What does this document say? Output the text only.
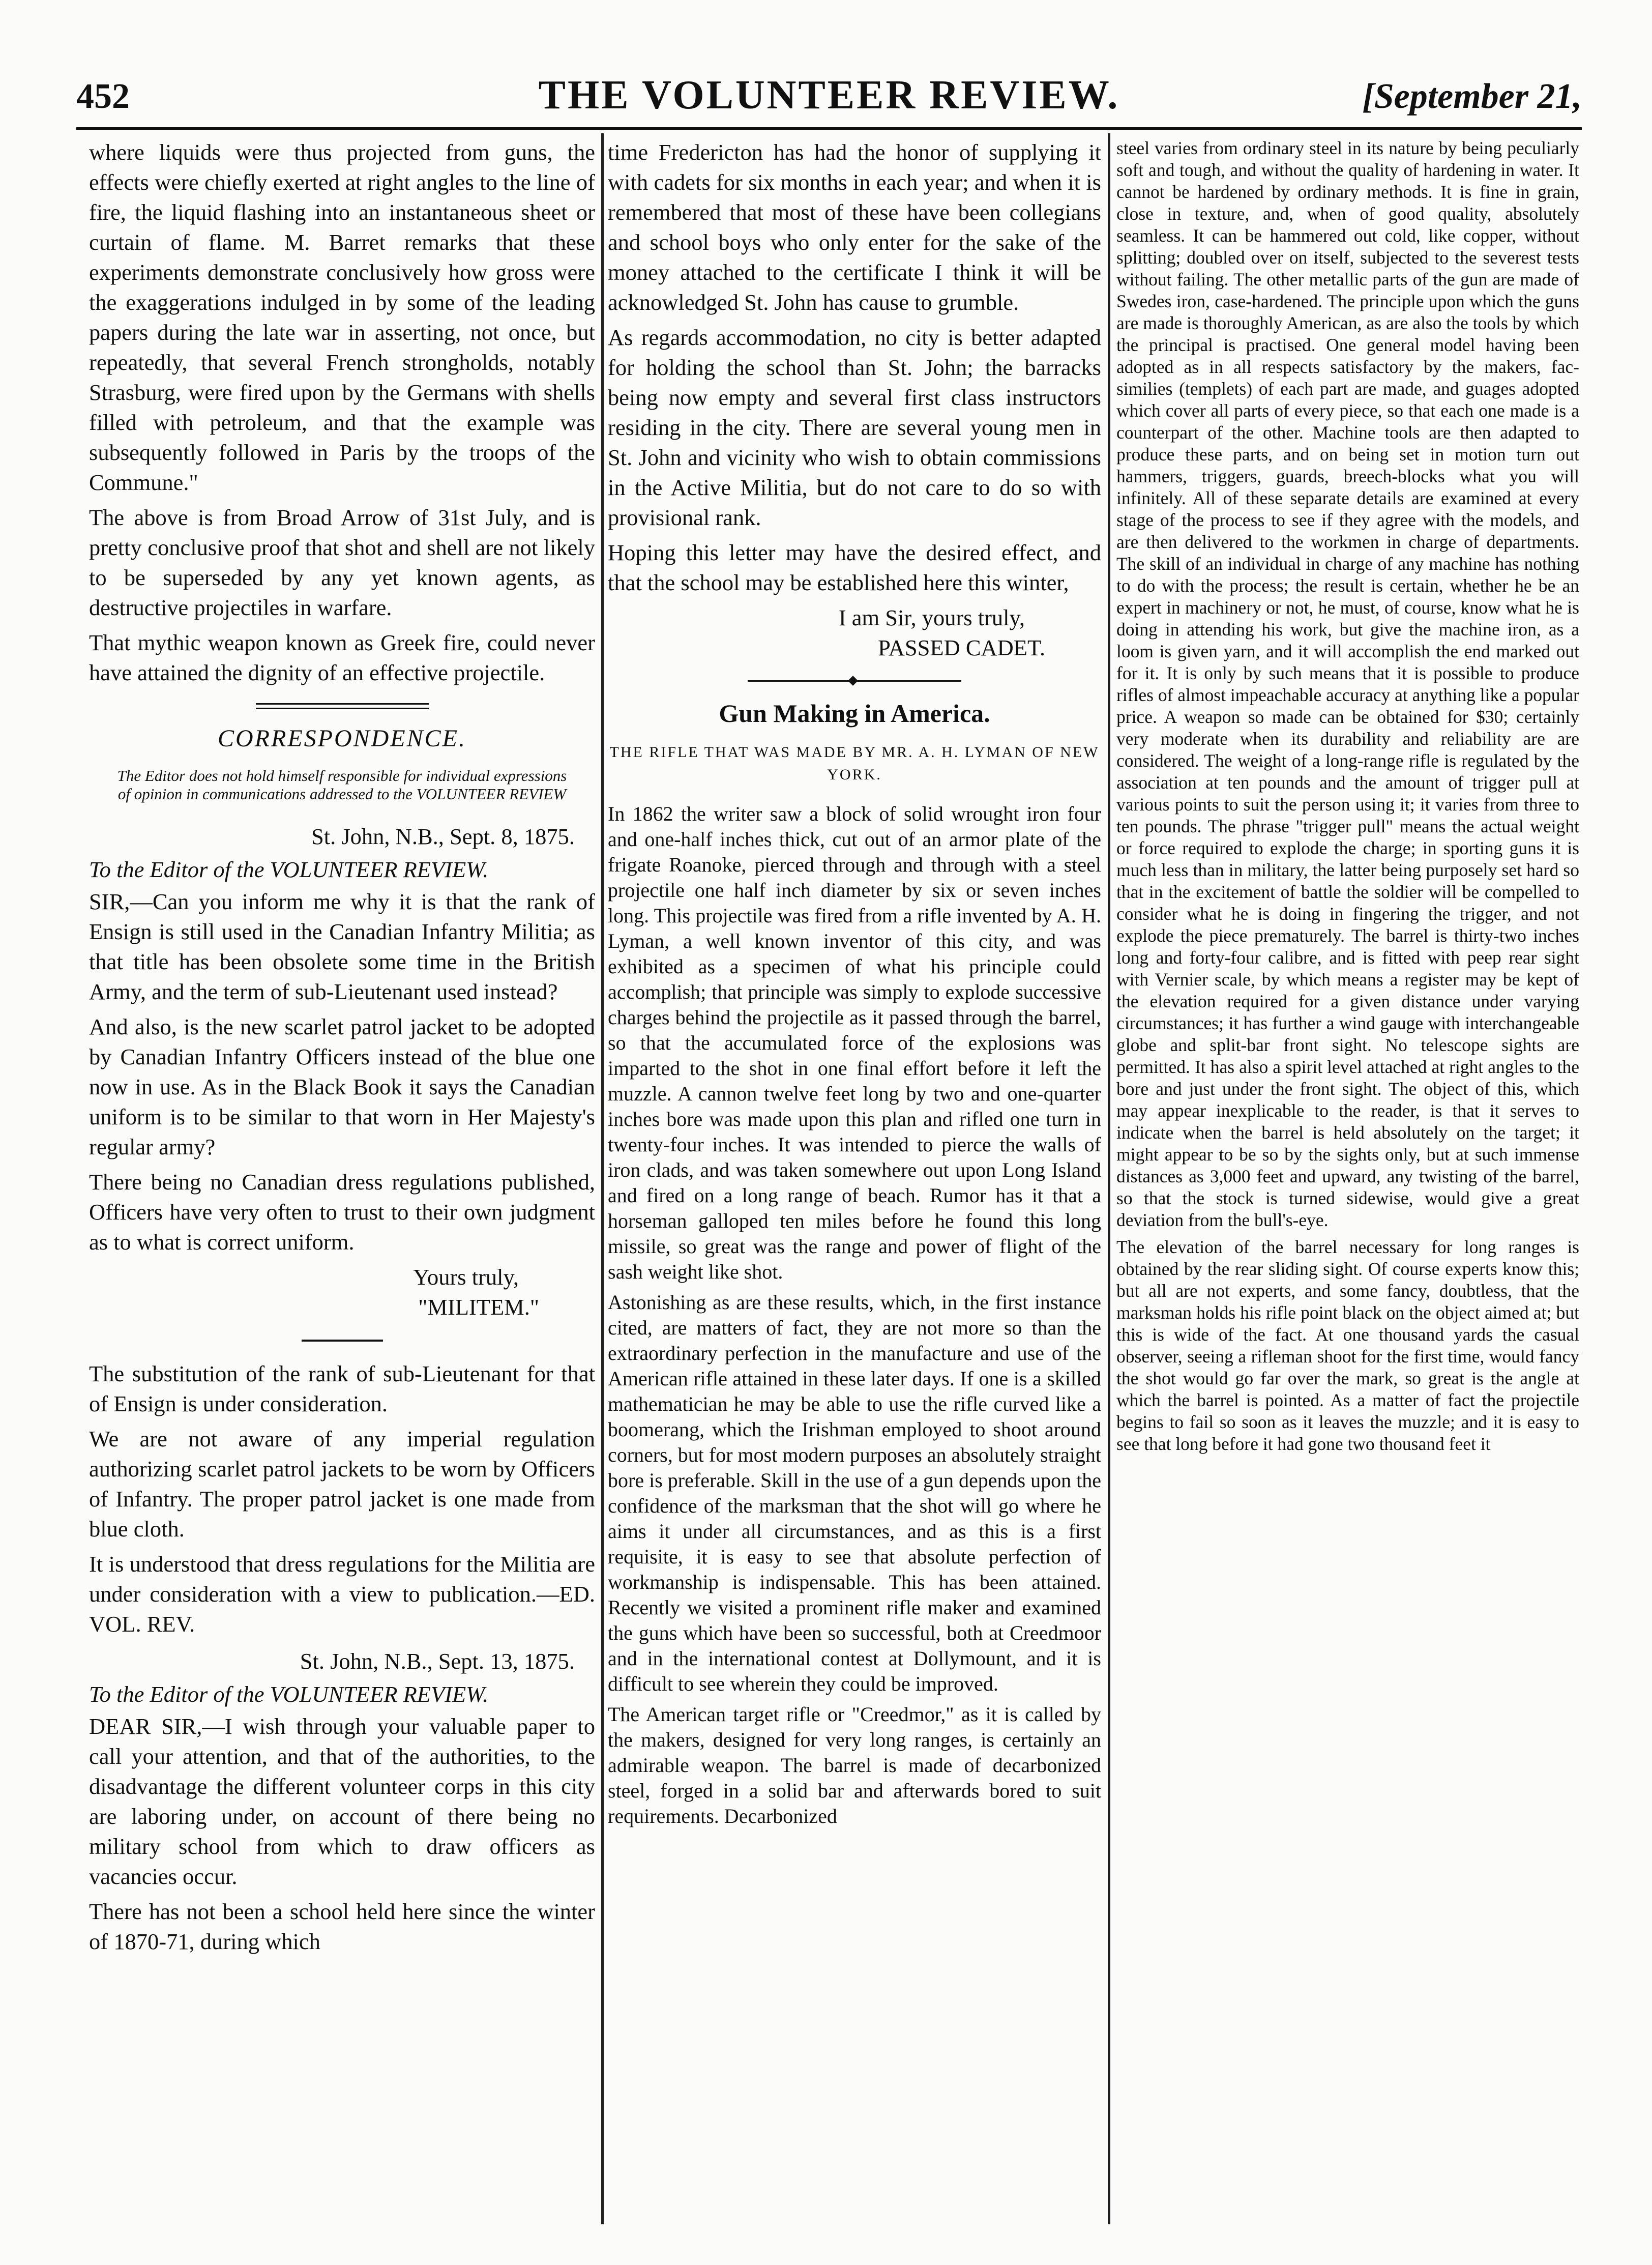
452	THE VOLUNTEER REVIEW.	[September 21,

where liquids were thus projected from guns, the effects were chiefly exerted at right angles to the line of fire, the liquid flashing into an instantaneous sheet or curtain of flame. M. Barret remarks that these experiments demonstrate conclusively how gross were the exaggerations indulged in by some of the leading papers during the late war in asserting, not once, but repeatedly, that several French strongholds, notably Strasburg, were fired upon by the Germans with shells filled with petroleum, and that the example was subsequently followed in Paris by the troops of the Commune."

The above is from Broad Arrow of 31st July, and is pretty conclusive proof that shot and shell are not likely to be superseded by any yet known agents, as destructive projectiles in warfare.

That mythic weapon known as Greek fire, could never have attained the dignity of an effective projectile.

CORRESPONDENCE.
The Editor does not hold himself responsible for individual expressions of opinion in communications addressed to the VOLUNTEER REVIEW
St. John, N.B., Sept. 8, 1875.
To the Editor of the VOLUNTEER REVIEW.

SIR,—Can you inform me why it is that the rank of Ensign is still used in the Canadian Infantry Militia; as that title has been obsolete some time in the British Army, and the term of sub-Lieutenant used instead?

And also, is the new scarlet patrol jacket to be adopted by Canadian Infantry Officers instead of the blue one now in use. As in the Black Book it says the Canadian uniform is to be similar to that worn in Her Majesty's regular army?

There being no Canadian dress regulations published, Officers have very often to trust to their own judgment as to what is correct uniform.

Yours truly,
"MILITEM."

The substitution of the rank of sub-Lieutenant for that of Ensign is under consideration.

We are not aware of any imperial regulation authorizing scarlet patrol jackets to be worn by Officers of Infantry. The proper patrol jacket is one made from blue cloth.

It is understood that dress regulations for the Militia are under consideration with a view to publication.—ED. VOL. REV.

St. John, N.B., Sept. 13, 1875.
To the Editor of the VOLUNTEER REVIEW.

DEAR SIR,—I wish through your valuable paper to call your attention, and that of the authorities, to the disadvantage the different volunteer corps in this city are laboring under, on account of there being no military school from which to draw officers as vacancies occur.

There has not been a school held here since the winter of 1870-71, during which

time Fredericton has had the honor of supplying it with cadets for six months in each year; and when it is remembered that most of these have been collegians and school boys who only enter for the sake of the money attached to the certificate I think it will be acknowledged St. John has cause to grumble.

As regards accommodation, no city is better adapted for holding the school than St. John; the barracks being now empty and several first class instructors residing in the city. There are several young men in St. John and vicinity who wish to obtain commissions in the Active Militia, but do not care to do so with provisional rank.

Hoping this letter may have the desired effect, and that the school may be established here this winter,

I am Sir, yours truly,
PASSED CADET.
Gun Making in America.
THE RIFLE THAT WAS MADE BY MR. A. H. LYMAN OF NEW YORK.

In 1862 the writer saw a block of solid wrought iron four and one-half inches thick, cut out of an armor plate of the frigate Roanoke, pierced through and through with a steel projectile one half inch diameter by six or seven inches long. This projectile was fired from a rifle invented by A. H. Lyman, a well known inventor of this city, and was exhibited as a specimen of what his principle could accomplish; that principle was simply to explode successive charges behind the projectile as it passed through the barrel, so that the accumulated force of the explosions was imparted to the shot in one final effort before it left the muzzle. A cannon twelve feet long by two and one-quarter inches bore was made upon this plan and rifled one turn in twenty-four inches. It was intended to pierce the walls of iron clads, and was taken somewhere out upon Long Island and fired on a long range of beach. Rumor has it that a horseman galloped ten miles before he found this long missile, so great was the range and power of flight of the sash weight like shot.

Astonishing as are these results, which, in the first instance cited, are matters of fact, they are not more so than the extraordinary perfection in the manufacture and use of the American rifle attained in these later days. If one is a skilled mathematician he may be able to use the rifle curved like a boomerang, which the Irishman employed to shoot around corners, but for most modern purposes an absolutely straight bore is preferable. Skill in the use of a gun depends upon the confidence of the marksman that the shot will go where he aims it under all circumstances, and as this is a first requisite, it is easy to see that absolute perfection of workmanship is indispensable. This has been attained. Recently we visited a prominent rifle maker and examined the guns which have been so successful, both at Creedmoor and in the international contest at Dollymount, and it is difficult to see wherein they could be improved.

The American target rifle or "Creedmor," as it is called by the makers, designed for very long ranges, is certainly an admirable weapon. The barrel is made of decarbonized steel, forged in a solid bar and afterwards bored to suit requirements. Decarbonized

steel varies from ordinary steel in its nature by being peculiarly soft and tough, and without the quality of hardening in water. It cannot be hardened by ordinary methods. It is fine in grain, close in texture, and, when of good quality, absolutely seamless. It can be hammered out cold, like copper, without splitting; doubled over on itself, subjected to the severest tests without failing. The other metallic parts of the gun are made of Swedes iron, case-hardened. The principle upon which the guns are made is thoroughly American, as are also the tools by which the principal is practised. One general model having been adopted as in all respects satisfactory by the makers, fac-similies (templets) of each part are made, and guages adopted which cover all parts of every piece, so that each one made is a counterpart of the other. Machine tools are then adapted to produce these parts, and on being set in motion turn out hammers, triggers, guards, breech-blocks what you will infinitely. All of these separate details are examined at every stage of the process to see if they agree with the models, and are then delivered to the workmen in charge of departments. The skill of an individual in charge of any machine has nothing to do with the process; the result is certain, whether he be an expert in machinery or not, he must, of course, know what he is doing in attending his work, but give the machine iron, as a loom is given yarn, and it will accomplish the end marked out for it. It is only by such means that it is possible to produce rifles of almost impeachable accuracy at anything like a popular price. A weapon so made can be obtained for $30; certainly very moderate when its durability and reliability are are considered. The weight of a long-range rifle is regulated by the association at ten pounds and the amount of trigger pull at various points to suit the person using it; it varies from three to ten pounds. The phrase "trigger pull" means the actual weight or force required to explode the charge; in sporting guns it is much less than in military, the latter being purposely set hard so that in the excitement of battle the soldier will be compelled to consider what he is doing in fingering the trigger, and not explode the piece prematurely. The barrel is thirty-two inches long and forty-four calibre, and is fitted with peep rear sight with Vernier scale, by which means a register may be kept of the elevation required for a given distance under varying circumstances; it has further a wind gauge with interchangeable globe and split-bar front sight. No telescope sights are permitted. It has also a spirit level attached at right angles to the bore and just under the front sight. The object of this, which may appear inexplicable to the reader, is that it serves to indicate when the barrel is held absolutely on the target; it might appear to be so by the sights only, but at such immense distances as 3,000 feet and upward, any twisting of the barrel, so that the stock is turned sidewise, would give a great deviation from the bull's-eye.

The elevation of the barrel necessary for long ranges is obtained by the rear sliding sight. Of course experts know this; but all are not experts, and some fancy, doubtless, that the marksman holds his rifle point black on the object aimed at; but this is wide of the fact. At one thousand yards the casual observer, seeing a rifleman shoot for the first time, would fancy the shot would go far over the mark, so great is the angle at which the barrel is pointed. As a matter of fact the projectile begins to fail so soon as it leaves the muzzle; and it is easy to see that long before it had gone two thousand feet it
